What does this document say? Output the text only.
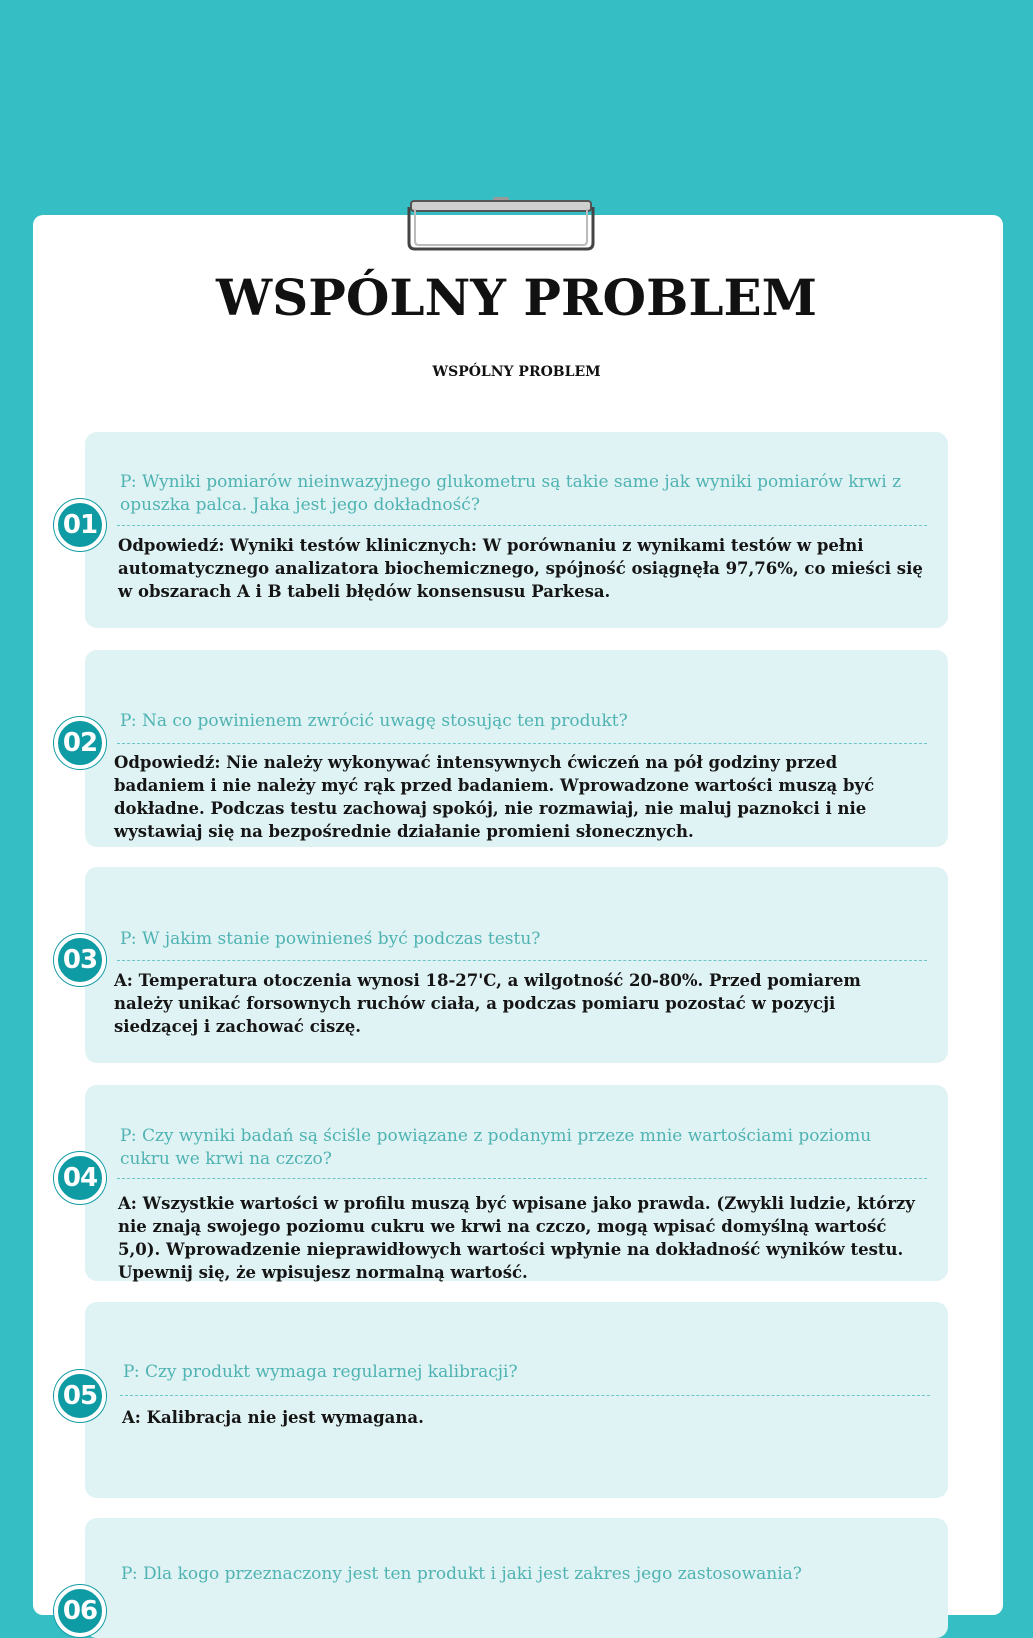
WSPÓLNY PROBLEM
WSPÓLNY PROBLEM
01
P: Wyniki pomiarów nieinwazyjnego glukometru są takie same jak wyniki pomiarów krwi z opuszka palca. Jaka jest jego dokładność?
Odpowiedź: Wyniki testów klinicznych: W porównaniu z wynikami testów w pełni automatycznego analizatora biochemicznego, spójność osiągnęła 97,76%, co mieści się w obszarach A i B tabeli błędów konsensusu Parkesa.
02
P: Na co powinienem zwrócić uwagę stosując ten produkt?
Odpowiedź: Nie należy wykonywać intensywnych ćwiczeń na pół godziny przed badaniem i nie należy myć rąk przed badaniem. Wprowadzone wartości muszą być dokładne. Podczas testu zachowaj spokój, nie rozmawiaj, nie maluj paznokci i nie wystawiaj się na bezpośrednie działanie promieni słonecznych.
03
P: W jakim stanie powinieneś być podczas testu?
A: Temperatura otoczenia wynosi 18-27'C, a wilgotność 20-80%. Przed pomiarem należy unikać forsownych ruchów ciała, a podczas pomiaru pozostać w pozycji siedzącej i zachować ciszę.
04
P: Czy wyniki badań są ściśle powiązane z podanymi przeze mnie wartościami poziomu cukru we krwi na czczo?
A: Wszystkie wartości w profilu muszą być wpisane jako prawda. (Zwykli ludzie, którzy nie znają swojego poziomu cukru we krwi na czczo, mogą wpisać domyślną wartość 5,0). Wprowadzenie nieprawidłowych wartości wpłynie na dokładność wyników testu. Upewnij się, że wpisujesz normalną wartość.
05
P: Czy produkt wymaga regularnej kalibracji?
A: Kalibracja nie jest wymagana.
06
P: Dla kogo przeznaczony jest ten produkt i jaki jest zakres jego zastosowania?
